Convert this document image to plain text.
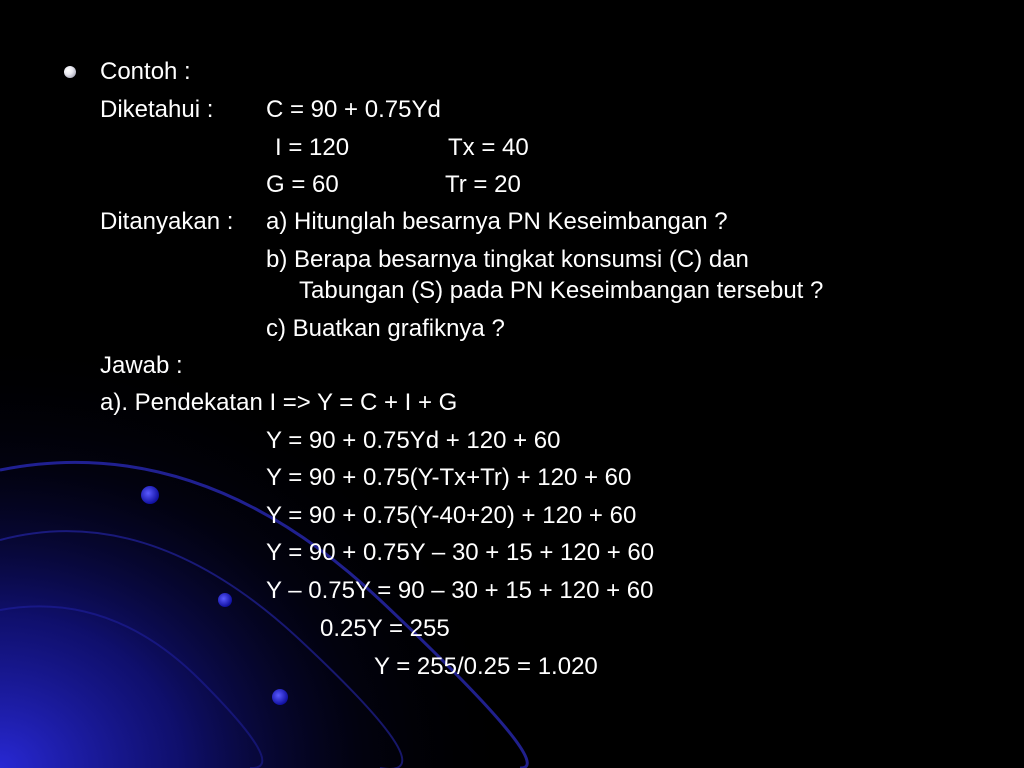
Contoh :
Diketahui : C = 90 + 0.75Yd
I = 120	Tx = 40
G = 60	Tr = 20
Ditanyakan : a) Hitunglah besarnya PN Keseimbangan ?
b) Berapa besarnya tingkat konsumsi (C) dan
Tabungan (S) pada PN Keseimbangan tersebut ?
c) Buatkan grafiknya ?
Jawab :
a). Pendekatan I => Y = C + I + G
Y = 90 + 0.75Yd + 120 + 60
Y = 90 + 0.75(Y-Tx+Tr) + 120 + 60
Y = 90 + 0.75(Y-40+20) + 120 + 60
Y = 90 + 0.75Y – 30 + 15 + 120 + 60
Y – 0.75Y = 90 – 30 + 15 + 120 + 60
0.25Y = 255
Y = 255/0.25 = 1.020
